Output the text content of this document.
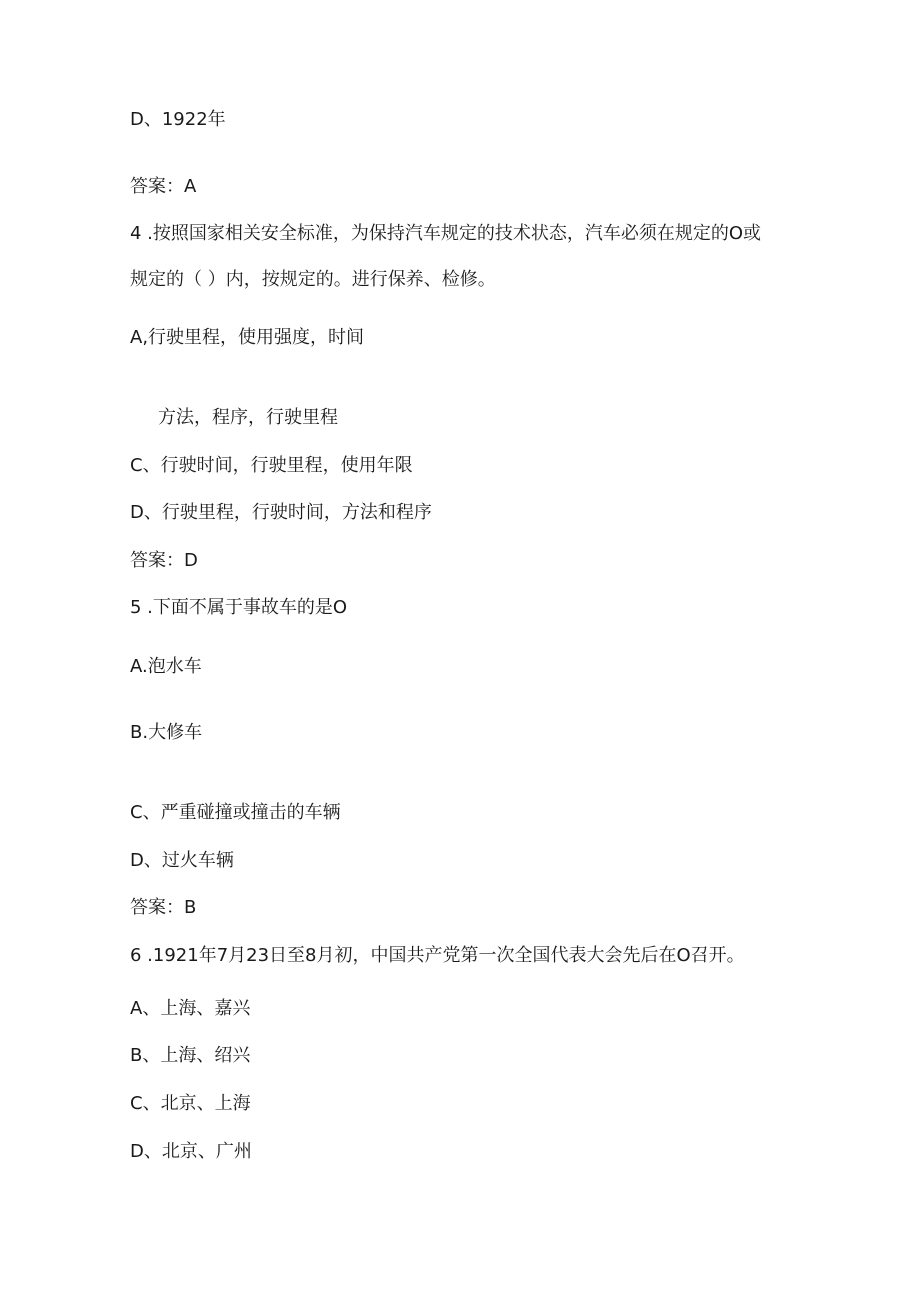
D、1922年
答案：A
4 .按照国家相关安全标准，为保持汽车规定的技术状态，汽车必须在规定的O或
规定的（ ）内，按规定的。进行保养、检修。
A,行驶里程，使用强度，时间
方法，程序，行驶里程
C、行驶时间，行驶里程，使用年限
D、行驶里程，行驶时间，方法和程序
答案：D
5 .下面不属于事故车的是O
A.泡水车
B.大修车
C、严重碰撞或撞击的车辆
D、过火车辆
答案：B
6 .1921年7月23日至8月初，中国共产党第一次全国代表大会先后在O召开。
A、上海、嘉兴
B、上海、绍兴
C、北京、上海
D、北京、广州
